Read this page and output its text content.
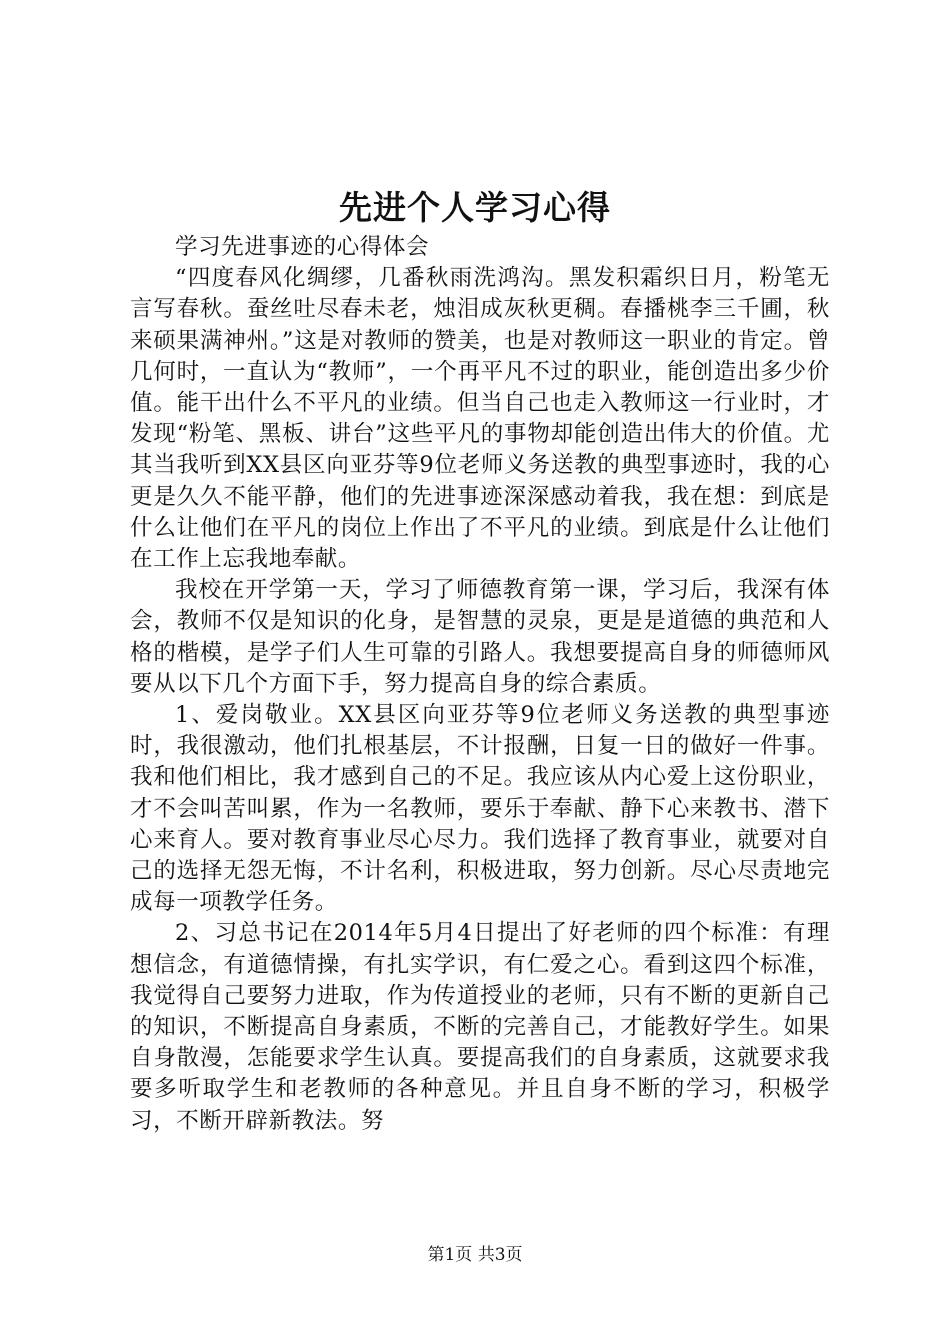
先进个人学习心得

学习先进事迹的心得体会

“四度春风化绸缪，几番秋雨洗鸿沟。黑发积霜织日月，粉笔无言写春秋。蚕丝吐尽春未老，烛泪成灰秋更稠。春播桃李三千圃，秋来硕果满神州。”这是对教师的赞美，也是对教师这一职业的肯定。曾几何时，一直认为“教师”，一个再平凡不过的职业，能创造出多少价值。能干出什么不平凡的业绩。但当自己也走入教师这一行业时，才发现“粉笔、黑板、讲台”这些平凡的事物却能创造出伟大的价值。尤其当我听到XX县区向亚芬等9位老师义务送教的典型事迹时，我的心更是久久不能平静，他们的先进事迹深深感动着我，我在想：到底是什么让他们在平凡的岗位上作出了不平凡的业绩。到底是什么让他们在工作上忘我地奉献。

我校在开学第一天，学习了师德教育第一课，学习后，我深有体会，教师不仅是知识的化身，是智慧的灵泉，更是是道德的典范和人格的楷模，是学子们人生可靠的引路人。我想要提高自身的师德师风要从以下几个方面下手，努力提高自身的综合素质。

1、爱岗敬业。XX县区向亚芬等9位老师义务送教的典型事迹时，我很激动，他们扎根基层，不计报酬，日复一日的做好一件事。我和他们相比，我才感到自己的不足。我应该从内心爱上这份职业，才不会叫苦叫累，作为一名教师，要乐于奉献、静下心来教书、潜下心来育人。要对教育事业尽心尽力。我们选择了教育事业，就要对自己的选择无怨无悔，不计名利，积极进取，努力创新。尽心尽责地完成每一项教学任务。

2、习总书记在2014年5月4日提出了好老师的四个标准：有理想信念，有道德情操，有扎实学识，有仁爱之心。看到这四个标准，我觉得自己要努力进取，作为传道授业的老师，只有不断的更新自己的知识，不断提高自身素质，不断的完善自己，才能教好学生。如果自身散漫，怎能要求学生认真。要提高我们的自身素质，这就要求我要多听取学生和老教师的各种意见。并且自身不断的学习，积极学习，不断开辟新教法。努

第1页 共3页
